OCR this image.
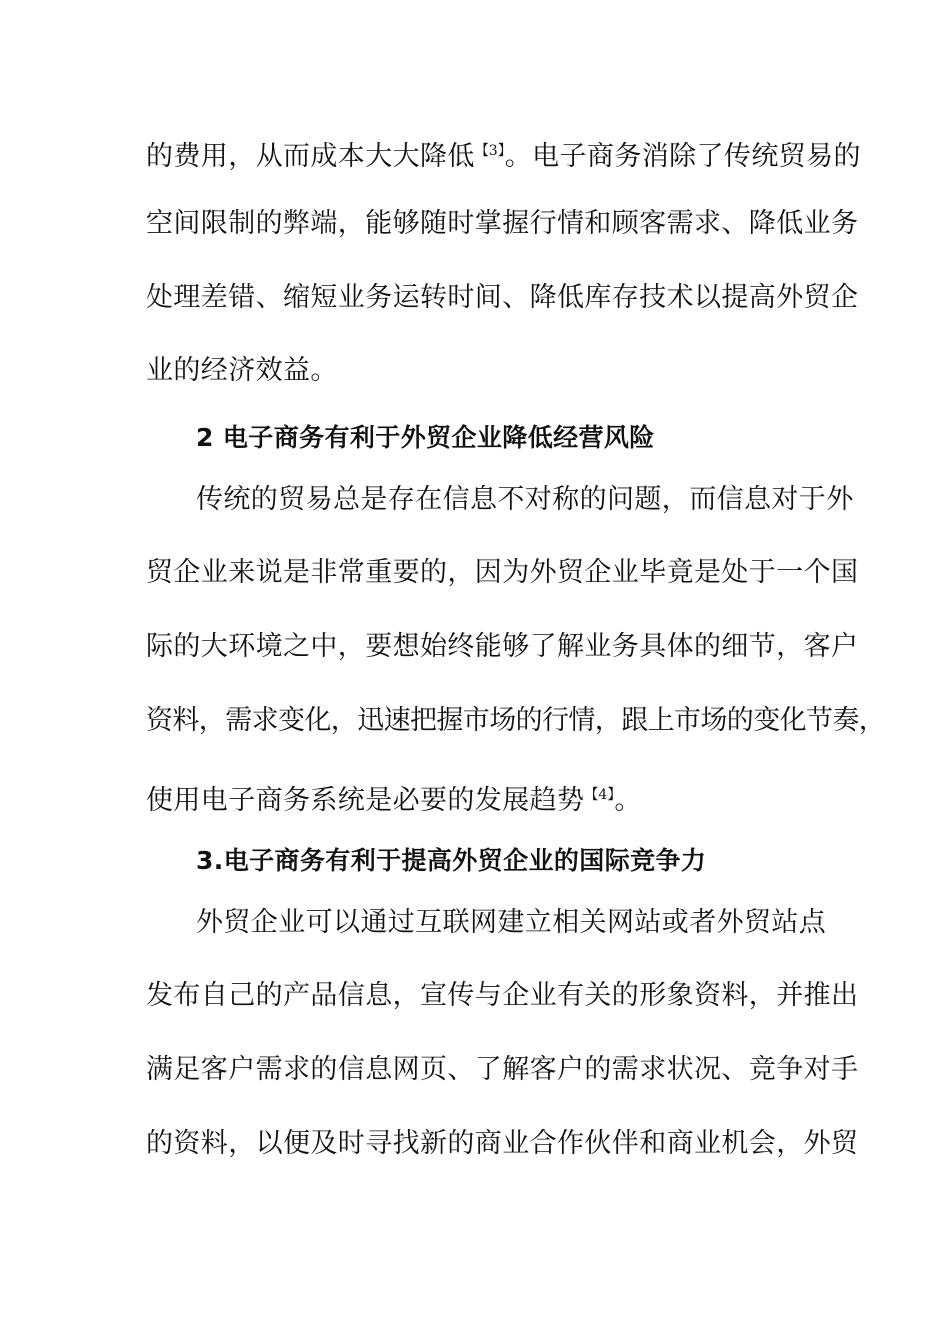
的费用，从而成本大大降低$^{【3】}$。电子商务消除了传统贸易的
空间限制的弊端，能够随时掌握行情和顾客需求、降低业务
处理差错、缩短业务运转时间、降低库存技术以提高外贸企
业的经济效益。
2 电子商务有利于外贸企业降低经营风险
传统的贸易总是存在信息不对称的问题，而信息对于外
贸企业来说是非常重要的，因为外贸企业毕竟是处于一个国
际的大环境之中，要想始终能够了解业务具体的细节，客户
资料，需求变化，迅速把握市场的行情，跟上市场的变化节奏，
使用电子商务系统是必要的发展趋势$^{【4】}$。
3.电子商务有利于提高外贸企业的国际竞争力
外贸企业可以通过互联网建立相关网站或者外贸站点
发布自己的产品信息，宣传与企业有关的形象资料，并推出
满足客户需求的信息网页、了解客户的需求状况、竞争对手
的资料，以便及时寻找新的商业合作伙伴和商业机会，外贸
